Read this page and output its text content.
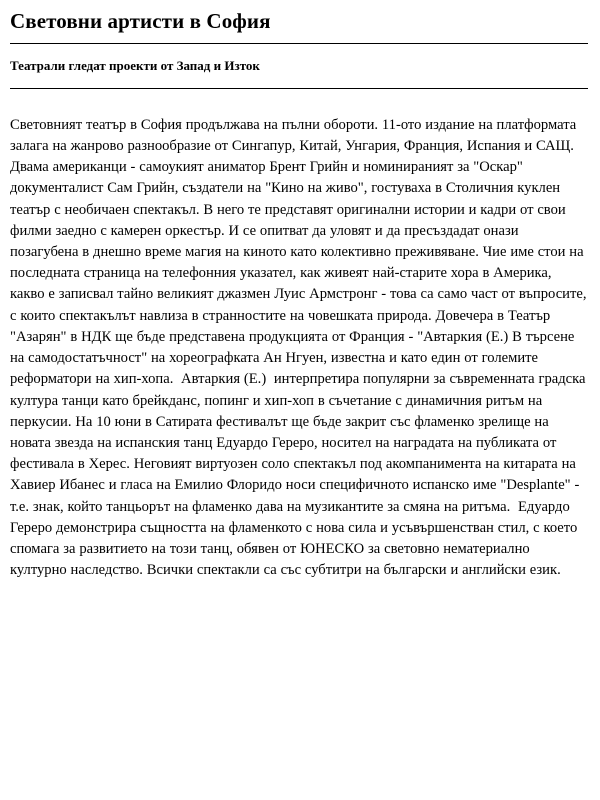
Световни артисти в София
Театрали гледат проекти от Запад и Изток

Световният театър в София продължава на пълни обороти. 11-ото издание на платформата залага на жанрово разнообразие от Сингапур, Китай, Унгария, Франция, Испания и САЩ. Двама американци - самоукият аниматор Брент Грийн и номинираният за "Оскар" документалист Сам Грийн, създатели на "Кино на живо", гостуваха в Столичния куклен театър с необичаен спектакъл. В него те представят оригинални истории и кадри от свои филми заедно с камерен оркестър. И се опитват да уловят и да пресъздадат онази позагубена в днешно време магия на киното като колективно преживяване. Чие име стои на последната страница на телефонния указател, как живеят най-старите хора в Америка, какво е записвал тайно великият джазмен Луис Армстронг - това са само част от въпросите, с които спектакълът навлиза в странностите на човешката природа. Довечера в Театър "Азарян" в НДК ще бъде представена продукцията от Франция - "Автаркия (Е.) В търсене на самодостатъчност" на хореографката Ан Нгуен, известна и като един от големите реформатори на хип-хопа.  Автаркия (Е.)  интерпретира популярни за съвременната градска култура танци като брейкданс, попинг и хип-хоп в съчетание с динамичния ритъм на перкусии. На 10 юни в Сатирата фестивалът ще бъде закрит със фламенко зрелище на новата звезда на испанския танц Едуардо Гереро, носител на наградата на публиката от фестивала в Херес. Неговият виртуозен соло спектакъл под акомпанимента на китарата на Хавиер Ибанес и гласа на Емилио Флоридо носи специфичното испанско име "Desplante" - т.е. знак, който танцьорът на фламенко дава на музикантите за смяна на ритъма.  Едуардо Гереро демонстрира същността на фламенкото с нова сила и усъвършенстван стил, с което спомага за развитието на този танц, обявен от ЮНЕСКО за световно нематериално културно наследство. Всички спектакли са със субтитри на български и английски език.
